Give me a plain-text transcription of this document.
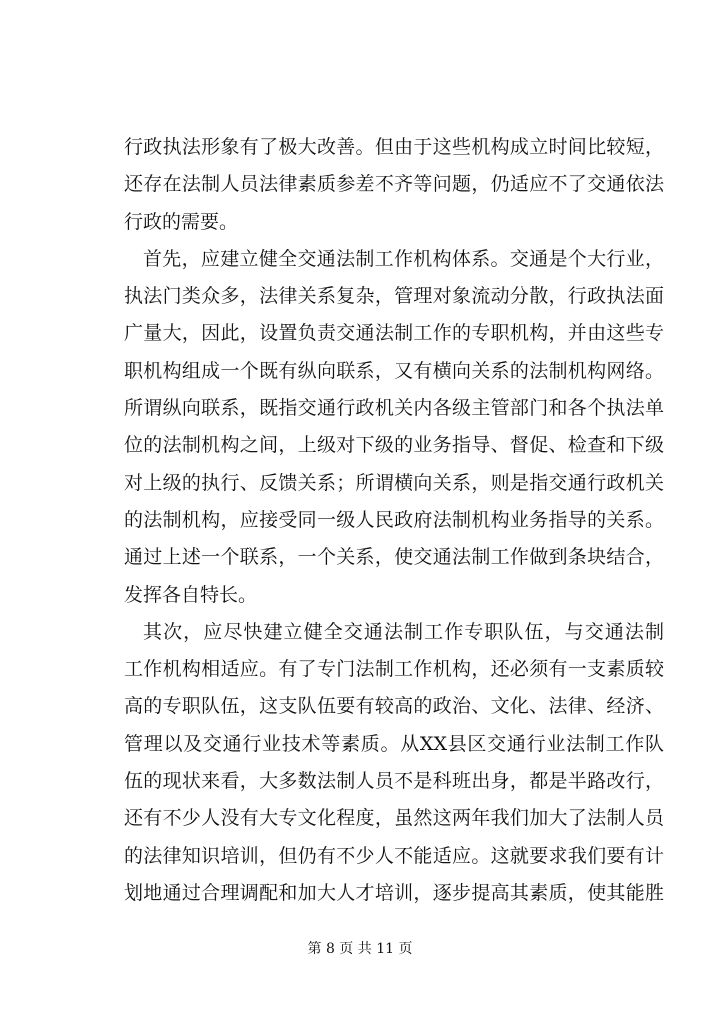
行政执法形象有了极大改善。但由于这些机构成立时间比较短，
还存在法制人员法律素质参差不齐等问题，仍适应不了交通依法
行政的需要。
首先，应建立健全交通法制工作机构体系。交通是个大行业，
执法门类众多，法律关系复杂，管理对象流动分散，行政执法面
广量大，因此，设置负责交通法制工作的专职机构，并由这些专
职机构组成一个既有纵向联系，又有横向关系的法制机构网络。
所谓纵向联系，既指交通行政机关内各级主管部门和各个执法单
位的法制机构之间，上级对下级的业务指导、督促、检查和下级
对上级的执行、反馈关系；所谓横向关系，则是指交通行政机关
的法制机构，应接受同一级人民政府法制机构业务指导的关系。
通过上述一个联系，一个关系，使交通法制工作做到条块结合，
发挥各自特长。
其次，应尽快建立健全交通法制工作专职队伍，与交通法制
工作机构相适应。有了专门法制工作机构，还必须有一支素质较
高的专职队伍，这支队伍要有较高的政治、文化、法律、经济、
管理以及交通行业技术等素质。从XX县区交通行业法制工作队
伍的现状来看，大多数法制人员不是科班出身，都是半路改行，
还有不少人没有大专文化程度，虽然这两年我们加大了法制人员
的法律知识培训，但仍有不少人不能适应。这就要求我们要有计
划地通过合理调配和加大人才培训，逐步提高其素质，使其能胜
第 8 页 共 11 页
